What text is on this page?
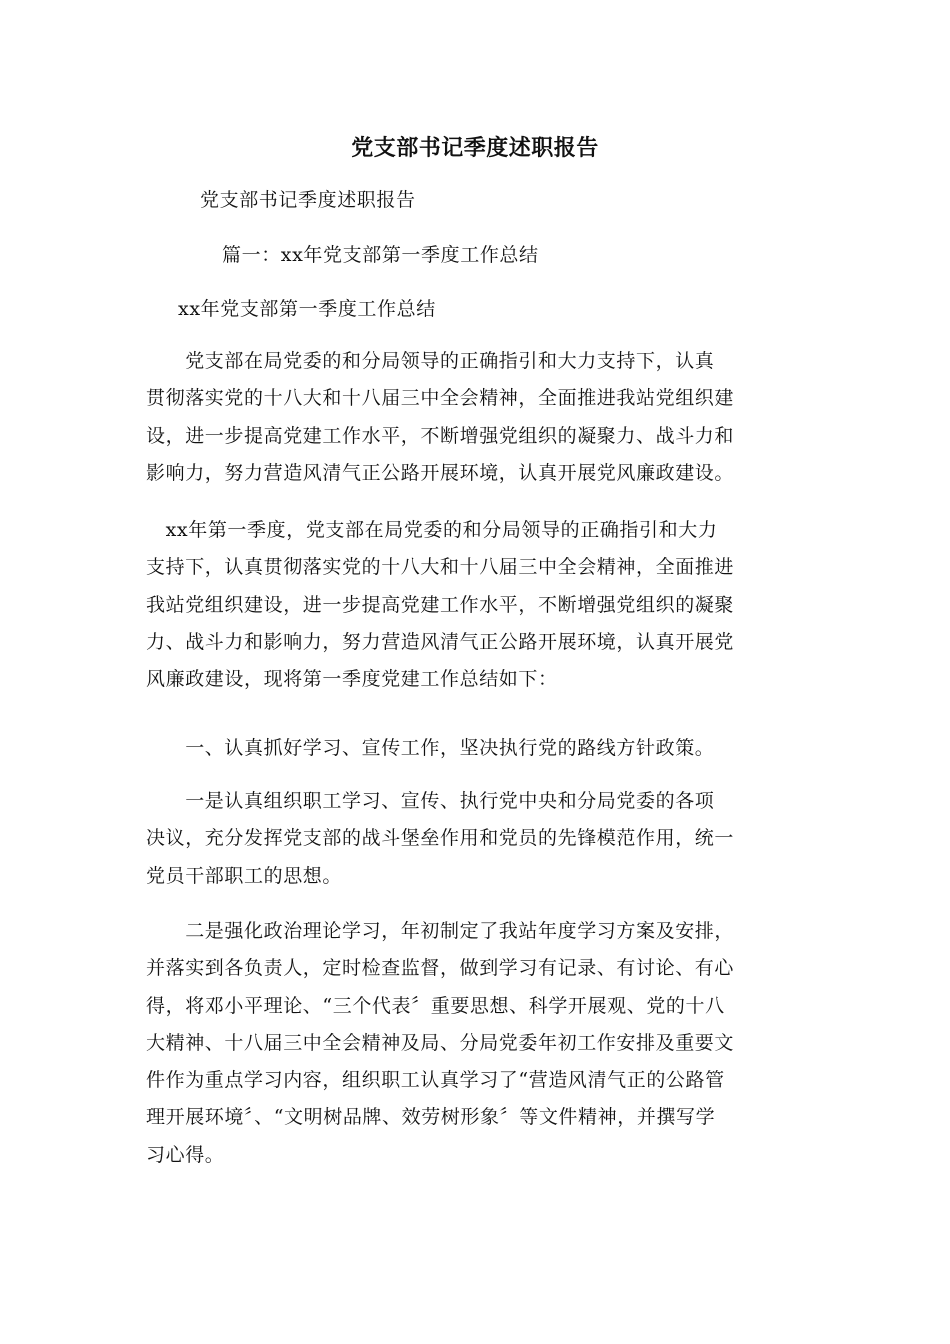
党支部书记季度述职报告
党支部书记季度述职报告
篇一：xx年党支部第一季度工作总结
xx年党支部第一季度工作总结
　　党支部在局党委的和分局领导的正确指引和大力支持下，认真
贯彻落实党的十八大和十八届三中全会精神，全面推进我站党组织建
设，进一步提高党建工作水平，不断增强党组织的凝聚力、战斗力和
影响力，努力营造风清气正公路开展环境，认真开展党风廉政建设。
　xx年第一季度，党支部在局党委的和分局领导的正确指引和大力
支持下，认真贯彻落实党的十八大和十八届三中全会精神，全面推进
我站党组织建设，进一步提高党建工作水平，不断增强党组织的凝聚
力、战斗力和影响力，努力营造风清气正公路开展环境，认真开展党
风廉政建设，现将第一季度党建工作总结如下：
　　一、认真抓好学习、宣传工作，坚决执行党的路线方针政策。
　　一是认真组织职工学习、宣传、执行党中央和分局党委的各项
决议，充分发挥党支部的战斗堡垒作用和党员的先锋模范作用，统一
党员干部职工的思想。
　　二是强化政治理论学习，年初制定了我站年度学习方案及安排，
并落实到各负责人，定时检查监督，做到学习有记录、有讨论、有心
得，将邓小平理论、“三个代表〞重要思想、科学开展观、党的十八
大精神、十八届三中全会精神及局、分局党委年初工作安排及重要文
件作为重点学习内容，组织职工认真学习了“营造风清气正的公路管
理开展环境〞、“文明树品牌、效劳树形象〞等文件精神，并撰写学
习心得。
